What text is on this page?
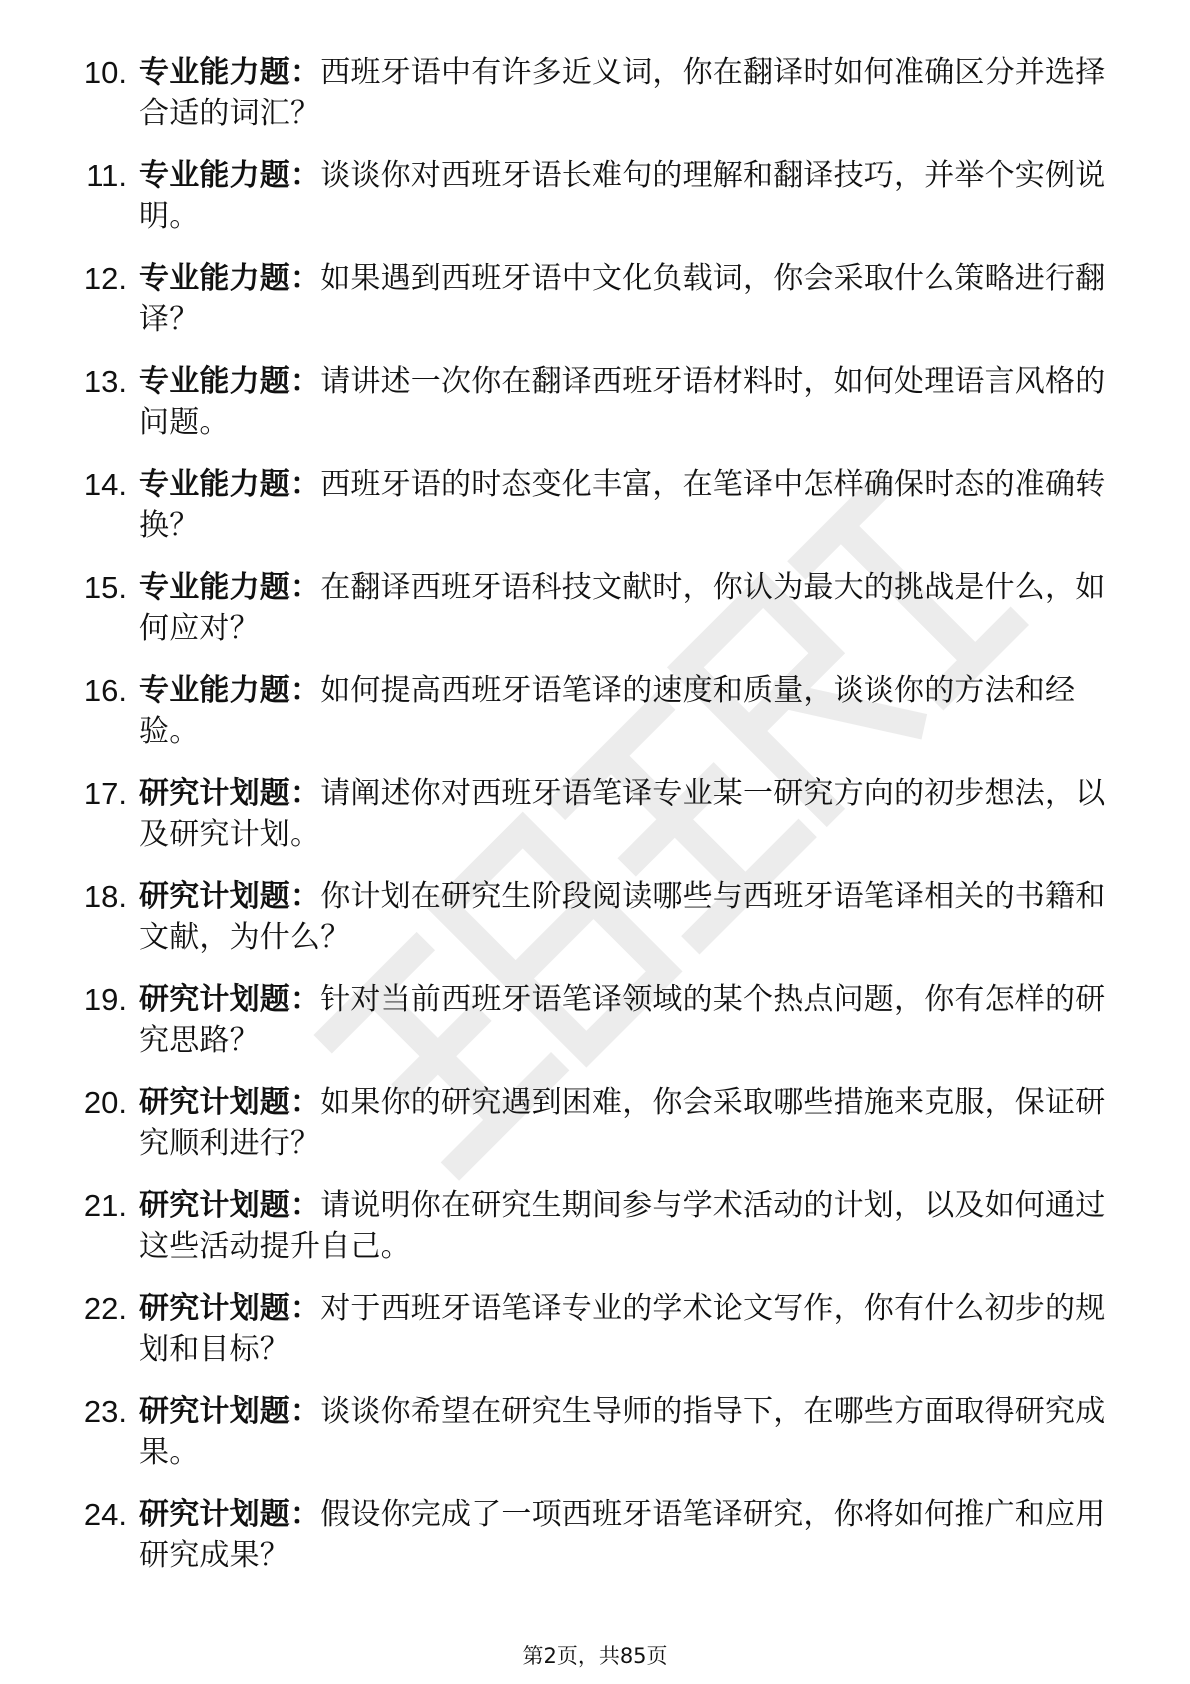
10. 专业能力题：西班牙语中有许多近义词，你在翻译时如何准确区分并选择合适的词汇？
11. 专业能力题：谈谈你对西班牙语长难句的理解和翻译技巧，并举个实例说明。
12. 专业能力题：如果遇到西班牙语中文化负载词，你会采取什么策略进行翻译？
13. 专业能力题：请讲述一次你在翻译西班牙语材料时，如何处理语言风格的问题。
14. 专业能力题：西班牙语的时态变化丰富，在笔译中怎样确保时态的准确转换？
15. 专业能力题：在翻译西班牙语科技文献时，你认为最大的挑战是什么，如何应对？
16. 专业能力题：如何提高西班牙语笔译的速度和质量，谈谈你的方法和经验。
17. 研究计划题：请阐述你对西班牙语笔译专业某一研究方向的初步想法，以及研究计划。
18. 研究计划题：你计划在研究生阶段阅读哪些与西班牙语笔译相关的书籍和文献，为什么？
19. 研究计划题：针对当前西班牙语笔译领域的某个热点问题，你有怎样的研究思路？
20. 研究计划题：如果你的研究遇到困难，你会采取哪些措施来克服，保证研究顺利进行？
21. 研究计划题：请说明你在研究生期间参与学术活动的计划，以及如何通过这些活动提升自己。
22. 研究计划题：对于西班牙语笔译专业的学术论文写作，你有什么初步的规划和目标？
23. 研究计划题：谈谈你希望在研究生导师的指导下，在哪些方面取得研究成果。
24. 研究计划题：假设你完成了一项西班牙语笔译研究，你将如何推广和应用研究成果？
第2页，共85页
